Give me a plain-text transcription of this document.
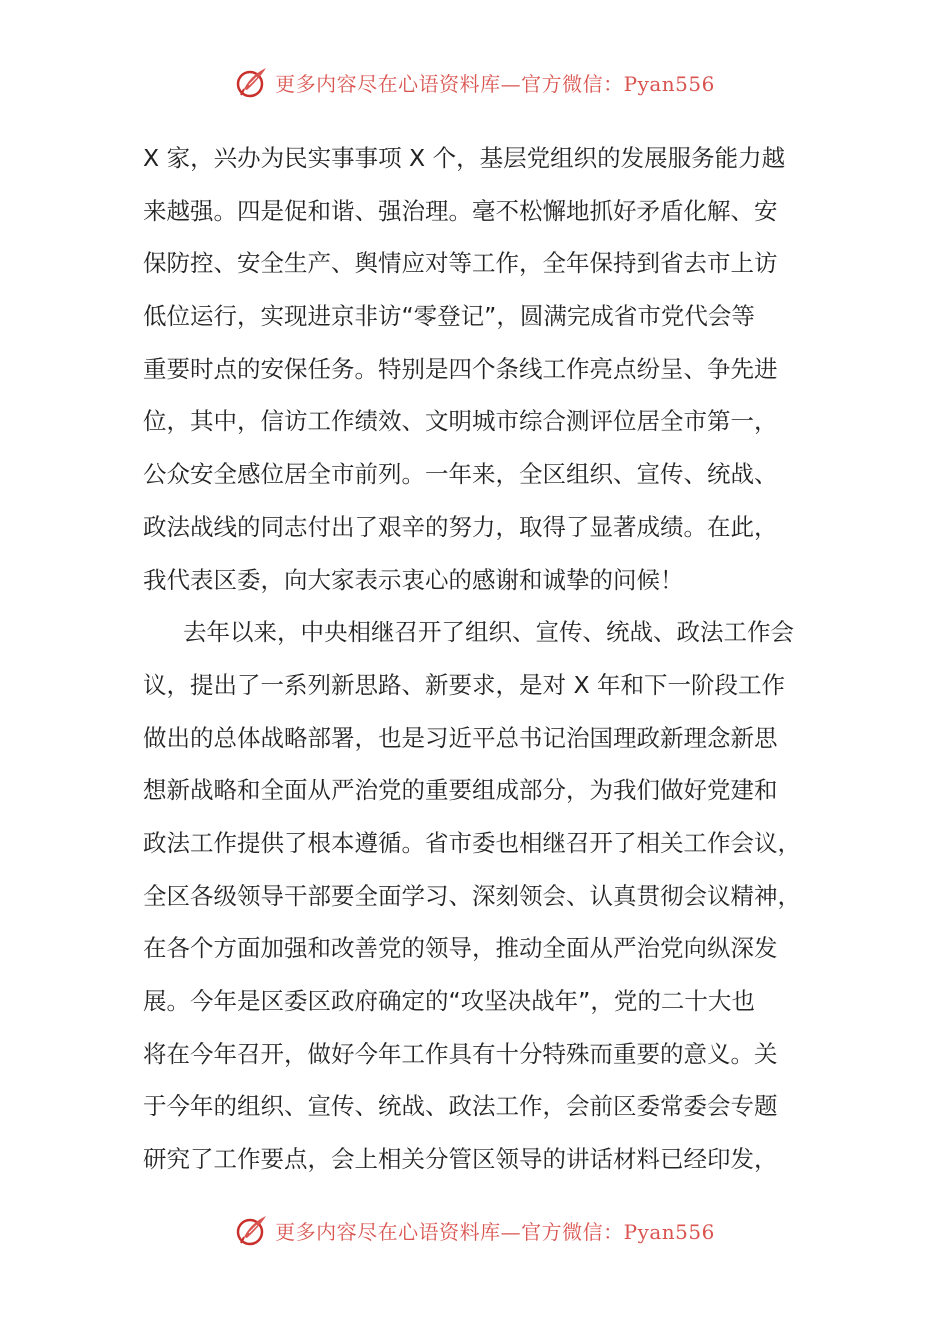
更多内容尽在心语资料库—官方微信：Pyan556
X 家，兴办为民实事事项 X 个，基层党组织的发展服务能力越
来越强。四是促和谐、强治理。毫不松懈地抓好矛盾化解、安
保防控、安全生产、舆情应对等工作，全年保持到省去市上访
低位运行，实现进京非访“零登记”，圆满完成省市党代会等
重要时点的安保任务。特别是四个条线工作亮点纷呈、争先进
位，其中，信访工作绩效、文明城市综合测评位居全市第一，
公众安全感位居全市前列。一年来，全区组织、宣传、统战、
政法战线的同志付出了艰辛的努力，取得了显著成绩。在此，
我代表区委，向大家表示衷心的感谢和诚挚的问候！
去年以来，中央相继召开了组织、宣传、统战、政法工作会
议，提出了一系列新思路、新要求，是对 X 年和下一阶段工作
做出的总体战略部署，也是习近平总书记治国理政新理念新思
想新战略和全面从严治党的重要组成部分，为我们做好党建和
政法工作提供了根本遵循。省市委也相继召开了相关工作会议，
全区各级领导干部要全面学习、深刻领会、认真贯彻会议精神，
在各个方面加强和改善党的领导，推动全面从严治党向纵深发
展。今年是区委区政府确定的“攻坚决战年”，党的二十大也
将在今年召开，做好今年工作具有十分特殊而重要的意义。关
于今年的组织、宣传、统战、政法工作，会前区委常委会专题
研究了工作要点，会上相关分管区领导的讲话材料已经印发，
更多内容尽在心语资料库—官方微信：Pyan556
